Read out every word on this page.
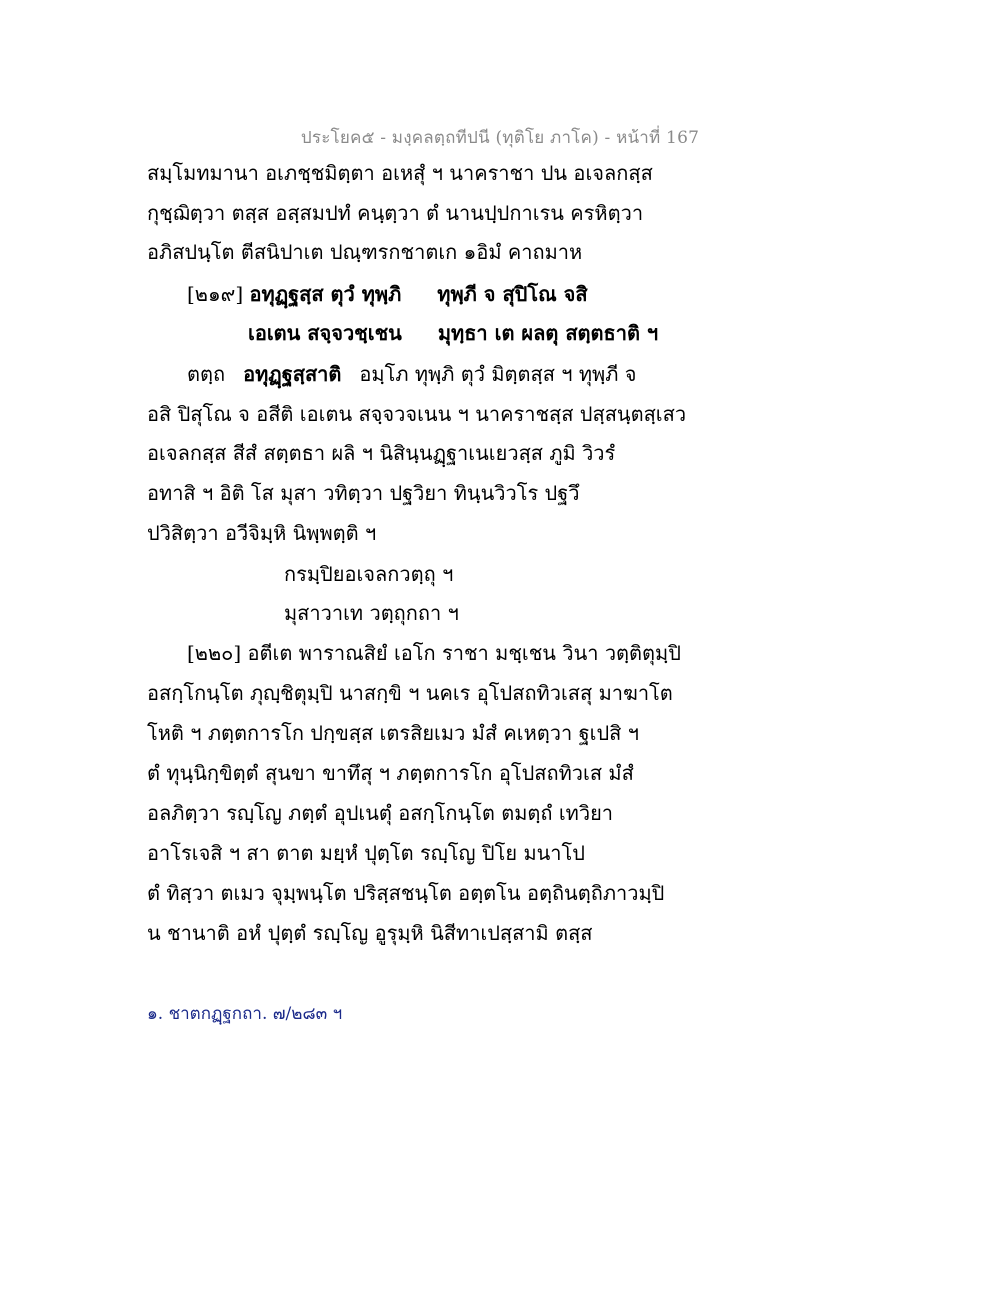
ประโยค๕ - มงฺคลตฺถทีปนี (ทุติโย ภาโค) - หน้าที่ 167
สมฺโมทมานา อเภชฺชมิตฺตา อเหสุํ ฯ นาคราชา ปน อเจลกสฺส
กุชฺฌิตฺวา ตสฺส อสฺสมปทํ คนฺตฺวา ตํ นานปฺปกาเรน ครหิตฺวา
อภิสปนฺโต ตีสนิปาเต ปณฺฑรกชาตเก ๑อิมํ คาถมาห
[๒๑๙] อทุฏฺฐสฺส ตุวํ ทุพฺภิ ทุพฺภี จ สุปิโณ จสิ
เอเตน สจฺจวชฺเชน มุทฺธา เต ผลตุ สตฺตธาติ ฯ
ตตฺถ อทุฏฺฐสฺสาติ อมฺโภ ทุพฺภิ ตุวํ มิตฺตสฺส ฯ ทุพฺภี จ
อสิ ปิสุโณ จ อสีติ เอเตน สจฺจวจเนน ฯ นาคราชสฺส ปสฺสนฺตสฺเสว
อเจลกสฺส สีสํ สตฺตธา ผลิ ฯ นิสินฺนฏฺฐาเนเยวสฺส ภูมิ วิวรํ
อทาสิ ฯ อิติ โส มุสา วทิตฺวา ปฐวิยา ทินฺนวิวโร ปฐวึ
ปวิสิตฺวา อวีจิมฺหิ นิพฺพตฺติ ฯ
กรมฺปิยอเจลกวตฺถุ ฯ
มุสาวาเท วตฺถุกถา ฯ
[๒๒๐] อตีเต พาราณสิยํ เอโก ราชา มชฺเชน วินา วตฺติตุมฺปิ
อสกฺโกนฺโต ภุญฺชิตุมฺปิ นาสกฺขิ ฯ นคเร อุโปสถทิวเสสุ มาฆาโต
โหติ ฯ ภตฺตการโก ปกฺขสฺส เตรสิยเมว มํสํ คเหตฺวา ฐเปสิ ฯ
ตํ ทุนฺนิกฺขิตฺตํ สุนขา ขาทึสุ ฯ ภตฺตการโก อุโปสถทิวเส มํสํ
อลภิตฺวา รญฺโญ ภตฺตํ อุปเนตุํ อสกฺโกนฺโต ตมตฺถํ เทวิยา
อาโรเจสิ ฯ สา ตาต มยฺหํ ปุตฺโต รญฺโญ ปิโย มนาโป
ตํ ทิสฺวา ตเมว จุมฺพนฺโต ปริสฺสชนฺโต อตฺตโน อตฺถินตฺถิภาวมฺปิ
น ชานาติ อหํ ปุตฺตํ รญฺโญ อูรุมฺหิ นิสีทาเปสฺสามิ ตสฺส
๑. ชาตกฏฺฐกถา. ๗/๒๘๓ ฯ
